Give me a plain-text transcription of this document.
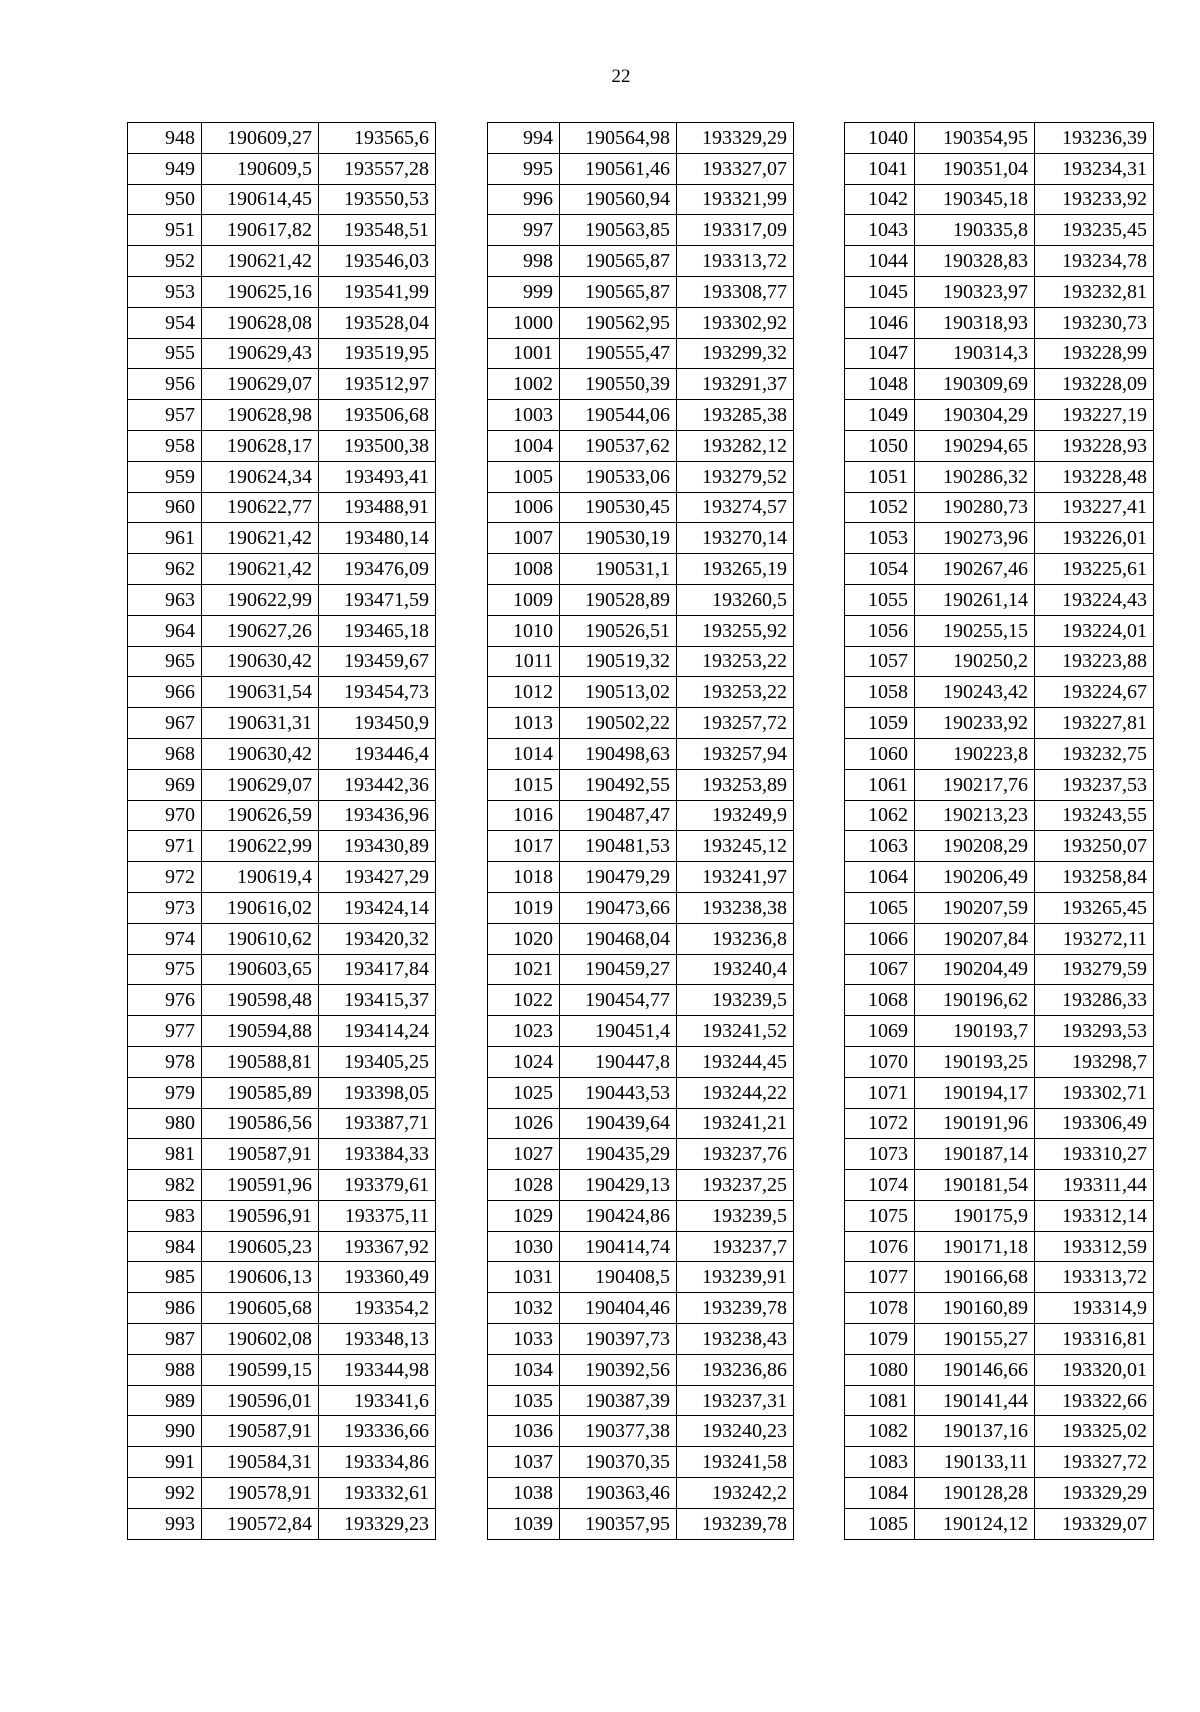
22
948	190609,27	193565,6
949	190609,5	193557,28
950	190614,45	193550,53
951	190617,82	193548,51
952	190621,42	193546,03
953	190625,16	193541,99
954	190628,08	193528,04
955	190629,43	193519,95
956	190629,07	193512,97
957	190628,98	193506,68
958	190628,17	193500,38
959	190624,34	193493,41
960	190622,77	193488,91
961	190621,42	193480,14
962	190621,42	193476,09
963	190622,99	193471,59
964	190627,26	193465,18
965	190630,42	193459,67
966	190631,54	193454,73
967	190631,31	193450,9
968	190630,42	193446,4
969	190629,07	193442,36
970	190626,59	193436,96
971	190622,99	193430,89
972	190619,4	193427,29
973	190616,02	193424,14
974	190610,62	193420,32
975	190603,65	193417,84
976	190598,48	193415,37
977	190594,88	193414,24
978	190588,81	193405,25
979	190585,89	193398,05
980	190586,56	193387,71
981	190587,91	193384,33
982	190591,96	193379,61
983	190596,91	193375,11
984	190605,23	193367,92
985	190606,13	193360,49
986	190605,68	193354,2
987	190602,08	193348,13
988	190599,15	193344,98
989	190596,01	193341,6
990	190587,91	193336,66
991	190584,31	193334,86
992	190578,91	193332,61
993	190572,84	193329,23
994	190564,98	193329,29
995	190561,46	193327,07
996	190560,94	193321,99
997	190563,85	193317,09
998	190565,87	193313,72
999	190565,87	193308,77
1000	190562,95	193302,92
1001	190555,47	193299,32
1002	190550,39	193291,37
1003	190544,06	193285,38
1004	190537,62	193282,12
1005	190533,06	193279,52
1006	190530,45	193274,57
1007	190530,19	193270,14
1008	190531,1	193265,19
1009	190528,89	193260,5
1010	190526,51	193255,92
1011	190519,32	193253,22
1012	190513,02	193253,22
1013	190502,22	193257,72
1014	190498,63	193257,94
1015	190492,55	193253,89
1016	190487,47	193249,9
1017	190481,53	193245,12
1018	190479,29	193241,97
1019	190473,66	193238,38
1020	190468,04	193236,8
1021	190459,27	193240,4
1022	190454,77	193239,5
1023	190451,4	193241,52
1024	190447,8	193244,45
1025	190443,53	193244,22
1026	190439,64	193241,21
1027	190435,29	193237,76
1028	190429,13	193237,25
1029	190424,86	193239,5
1030	190414,74	193237,7
1031	190408,5	193239,91
1032	190404,46	193239,78
1033	190397,73	193238,43
1034	190392,56	193236,86
1035	190387,39	193237,31
1036	190377,38	193240,23
1037	190370,35	193241,58
1038	190363,46	193242,2
1039	190357,95	193239,78
1040	190354,95	193236,39
1041	190351,04	193234,31
1042	190345,18	193233,92
1043	190335,8	193235,45
1044	190328,83	193234,78
1045	190323,97	193232,81
1046	190318,93	193230,73
1047	190314,3	193228,99
1048	190309,69	193228,09
1049	190304,29	193227,19
1050	190294,65	193228,93
1051	190286,32	193228,48
1052	190280,73	193227,41
1053	190273,96	193226,01
1054	190267,46	193225,61
1055	190261,14	193224,43
1056	190255,15	193224,01
1057	190250,2	193223,88
1058	190243,42	193224,67
1059	190233,92	193227,81
1060	190223,8	193232,75
1061	190217,76	193237,53
1062	190213,23	193243,55
1063	190208,29	193250,07
1064	190206,49	193258,84
1065	190207,59	193265,45
1066	190207,84	193272,11
1067	190204,49	193279,59
1068	190196,62	193286,33
1069	190193,7	193293,53
1070	190193,25	193298,7
1071	190194,17	193302,71
1072	190191,96	193306,49
1073	190187,14	193310,27
1074	190181,54	193311,44
1075	190175,9	193312,14
1076	190171,18	193312,59
1077	190166,68	193313,72
1078	190160,89	193314,9
1079	190155,27	193316,81
1080	190146,66	193320,01
1081	190141,44	193322,66
1082	190137,16	193325,02
1083	190133,11	193327,72
1084	190128,28	193329,29
1085	190124,12	193329,07
